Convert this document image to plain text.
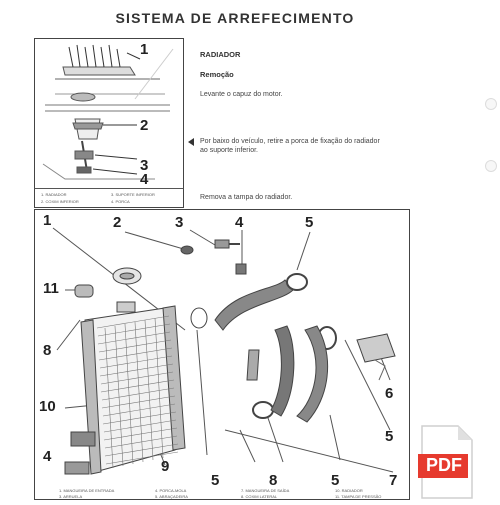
SISTEMA DE ARREFECIMENTO
1
2
3
4
1. RADIADOR
2. COXIM INFERIOR
3. SUPORTE INFERIOR
4. PORCA
RADIADOR
Remoção
Levante o capuz do motor.
Por baixo do veículo, retire a porca de fixação do radiador
ao suporte inferior.
Remova a tampa do radiador.
1	2	3	4	5
11
8
10
6
5
4
9
5	8	5	7
1. MANGUEIRA DE ENTRADA
3. ARRUELA
4. PORCA-MOLA
5. ABRAÇADEIRA
7. MANGUEIRA DE SAÍDA
8. COXIM LATERAL
10. RADIADOR
11. TAMPA DE PRESSÃO
PDF
